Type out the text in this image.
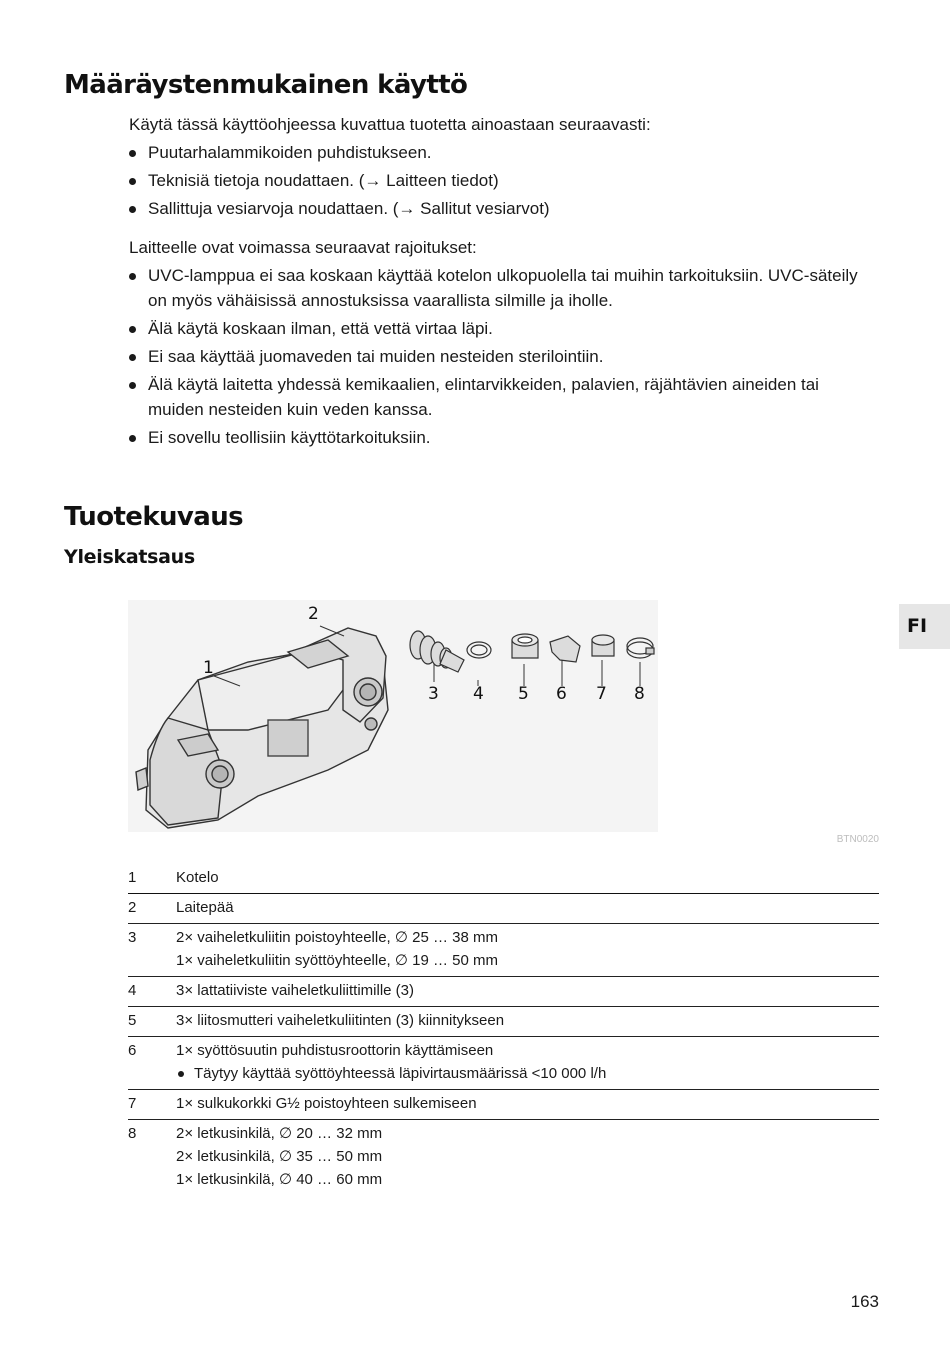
Määräystenmukainen käyttö

Käytä tässä käyttöohjeessa kuvattua tuotetta ainoastaan seuraavasti:

Puutarhalammikoiden puhdistukseen.
Teknisiä tietoja noudattaen. (→ Laitteen tiedot)
Sallittuja vesiarvoja noudattaen. (→ Sallitut vesiarvot)

Laitteelle ovat voimassa seuraavat rajoitukset:

UVC-lamppua ei saa koskaan käyttää kotelon ulkopuolella tai muihin tarkoituksiin. UVC-säteily on myös vähäisissä annostuksissa vaarallista silmille ja iholle.
Älä käytä koskaan ilman, että vettä virtaa läpi.
Ei saa käyttää juomaveden tai muiden nesteiden sterilointiin.
Älä käytä laitetta yhdessä kemikaalien, elintarvikkeiden, palavien, räjähtävien aineiden tai muiden nesteiden kuin veden kanssa.
Ei sovellu teollisiin käyttötarkoituksiin.
Tuotekuvaus
Yleiskatsaus
FI
1
2
3 4 5 6 7 8
BTN0020
1	Kotelo

2	Laitepää

3	2× vaiheletkuliitin poistoyhteelle, ∅ 25 … 38 mm
1× vaiheletkuliitin syöttöyhteelle, ∅ 19 … 50 mm

4	3× lattatiiviste vaiheletkuliittimille (3)

5	3× liitosmutteri vaiheletkuliitinten (3) kiinnitykseen

6	1× syöttösuutin puhdistusroottorin käyttämiseen
Täytyy käyttää syöttöyhteessä läpivirtausmäärissä <10 000 l/h

7	1× sulkukorkki G½ poistoyhteen sulkemiseen

8	2× letkusinkilä, ∅ 20 … 32 mm
2× letkusinkilä, ∅ 35 … 50 mm
1× letkusinkilä, ∅ 40 … 60 mm
163
